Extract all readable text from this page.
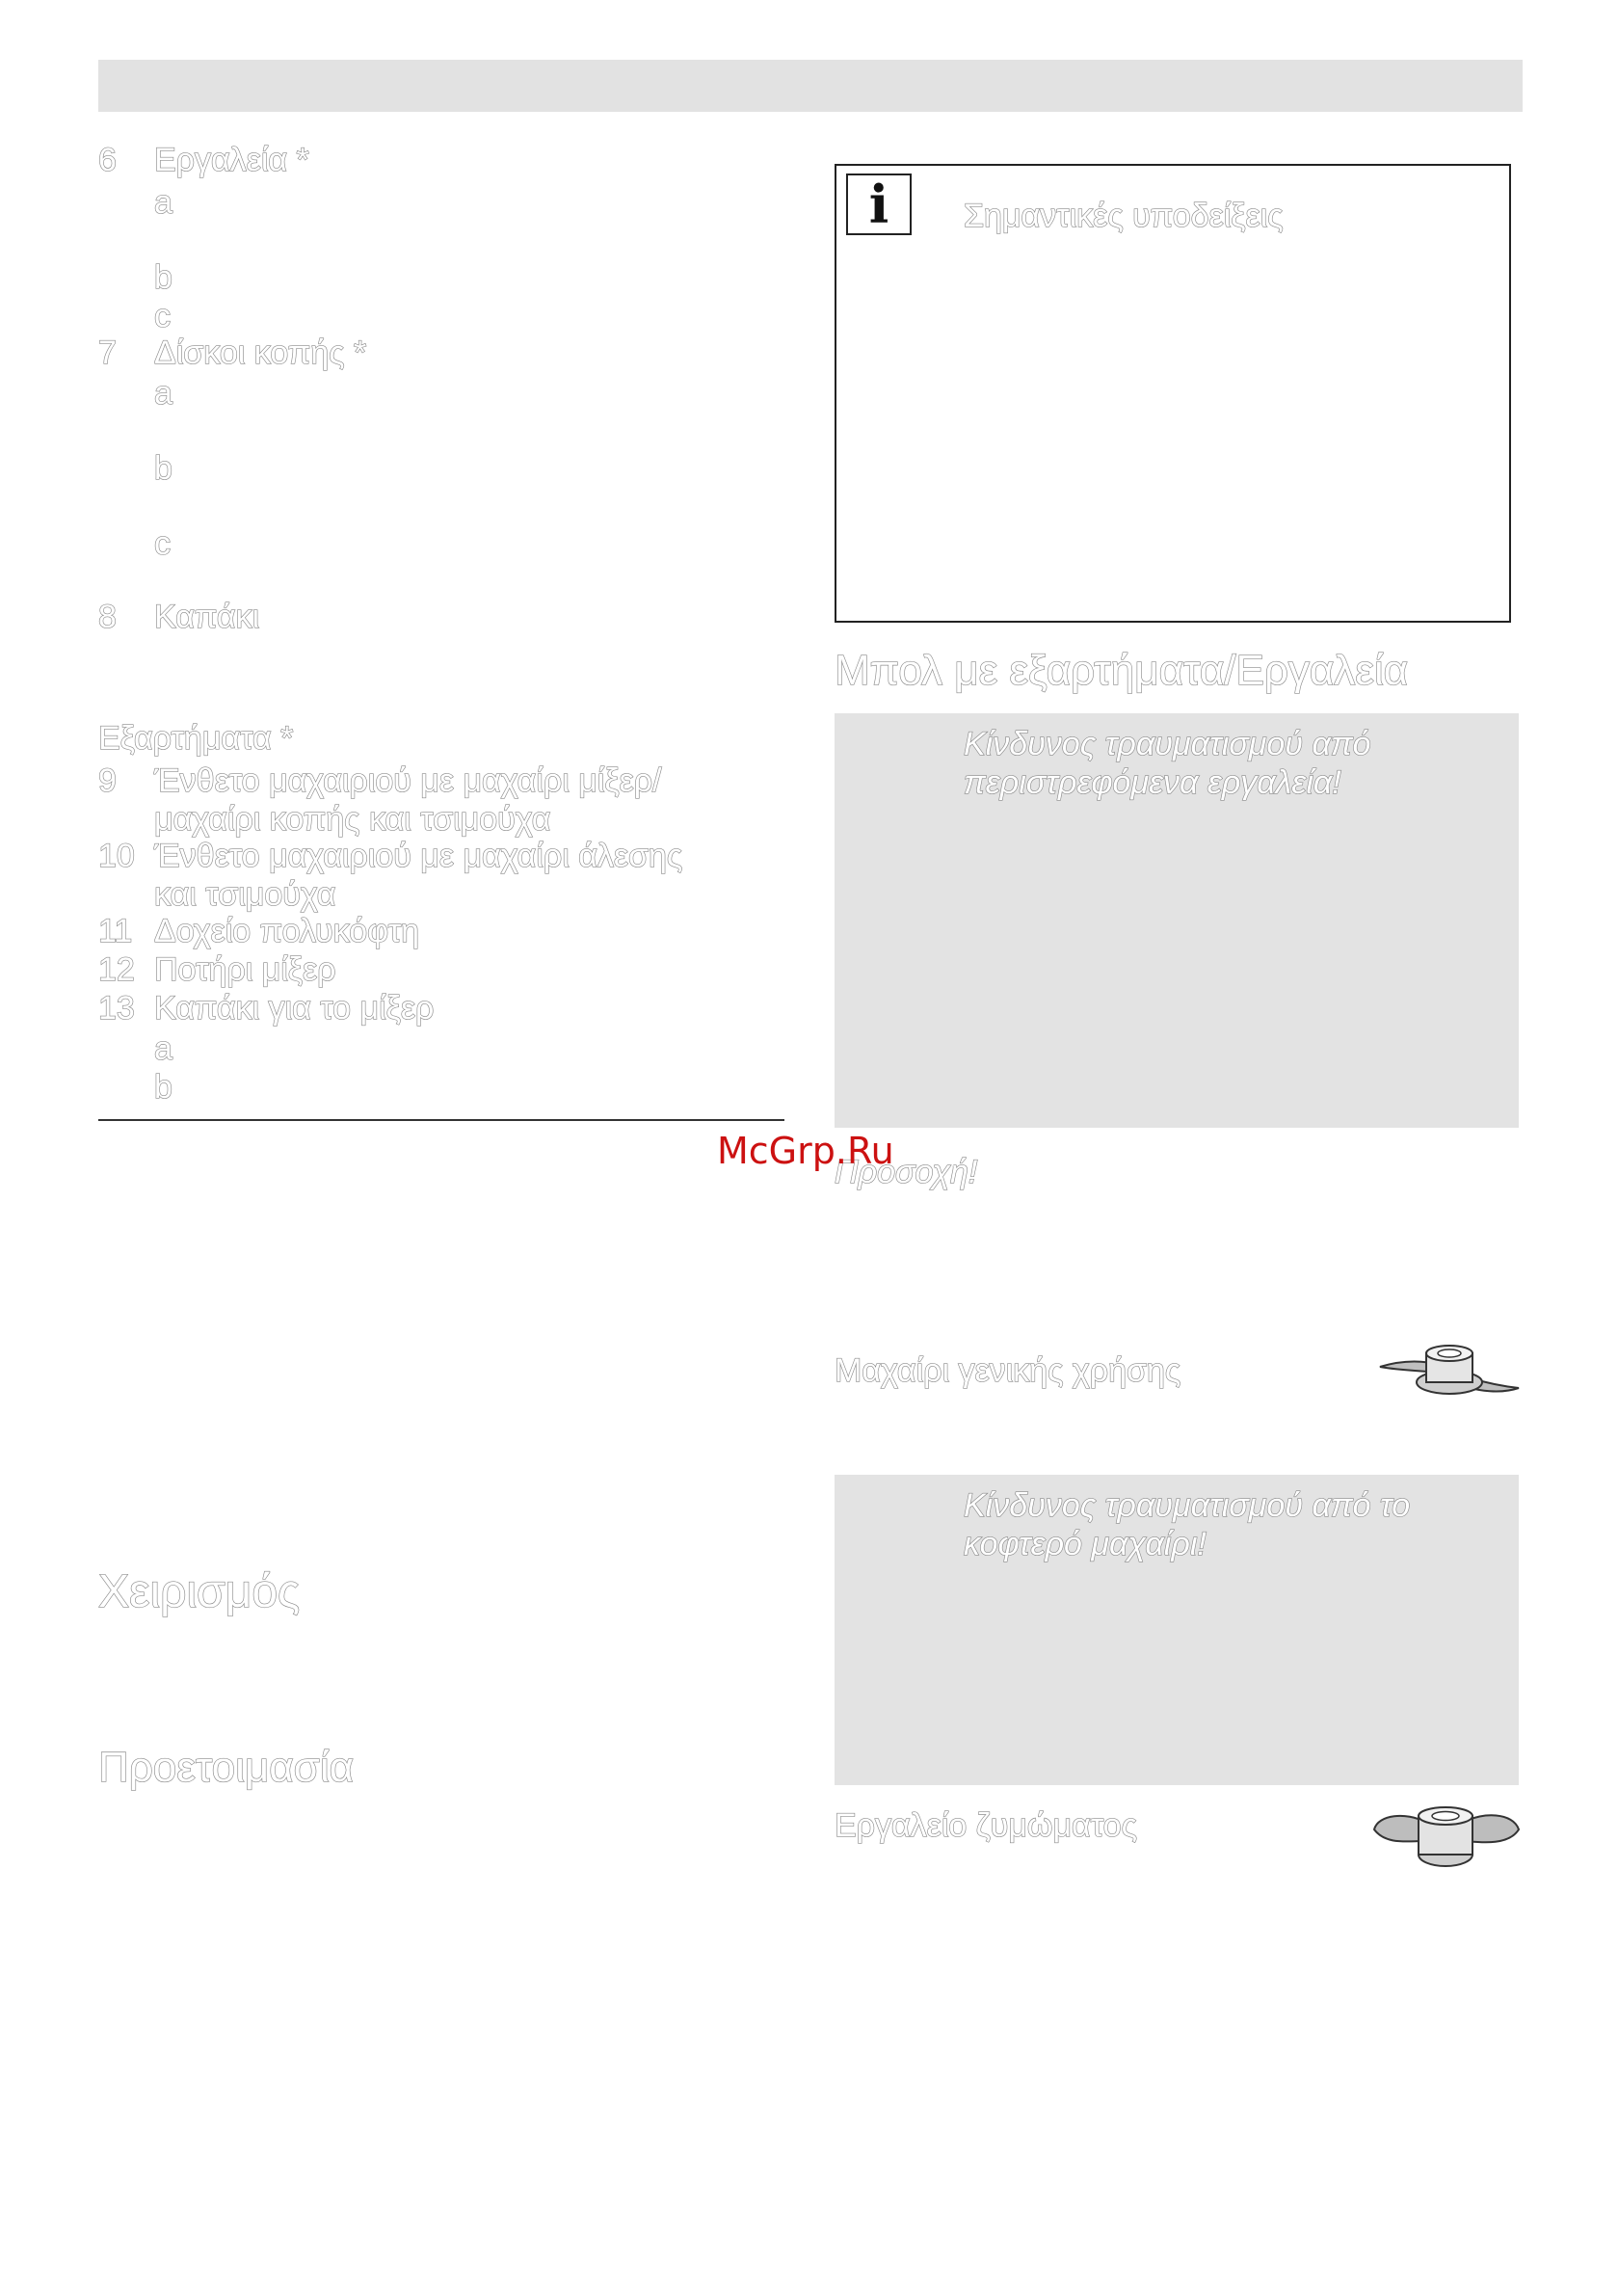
6 Εργαλεία *
a
b
c
7 Δίσκοι κοπής *
a
b
c
8 Καπάκι
Εξαρτήματα *
9 Ένθετο μαχαιριού με μαχαίρι μίξερ/
μαχαίρι κοπής και τσιμούχα
10 Ένθετο μαχαιριού με μαχαίρι άλεσης
και τσιμούχα
11 Δοχείο πολυκόφτη
12 Ποτήρι μίξερ
13 Καπάκι για το μίξερ
a
b
Χειρισμός
Προετοιμασία
i	Σημαντικές υποδείξεις
Μπολ με εξαρτήματα/Εργαλεία
Κίνδυνος τραυματισμού από
περιστρεφόμενα εργαλεία!
Προσοχή!
Μαχαίρι γενικής χρήσης
Κίνδυνος τραυματισμού από το
κοφτερό μαχαίρι!
Εργαλείο ζυμώματος
McGrp.Ru
